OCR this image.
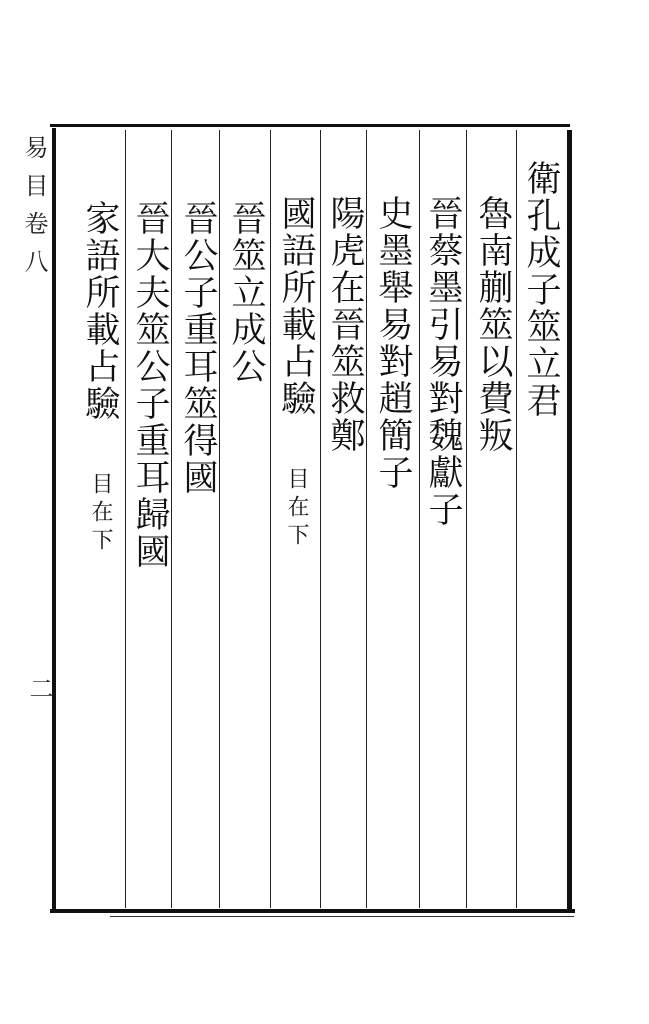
衛孔成子筮立君
魯南蒯筮以費叛
晉蔡墨引易對魏獻子
史墨舉易對趙簡子
陽虎在晉筮救鄭
國語所載占驗 目在下
晉筮立成公
晉公子重耳筮得國
晉大夫筮公子重耳歸國
家語所載占驗 目在下
易目卷八
二
